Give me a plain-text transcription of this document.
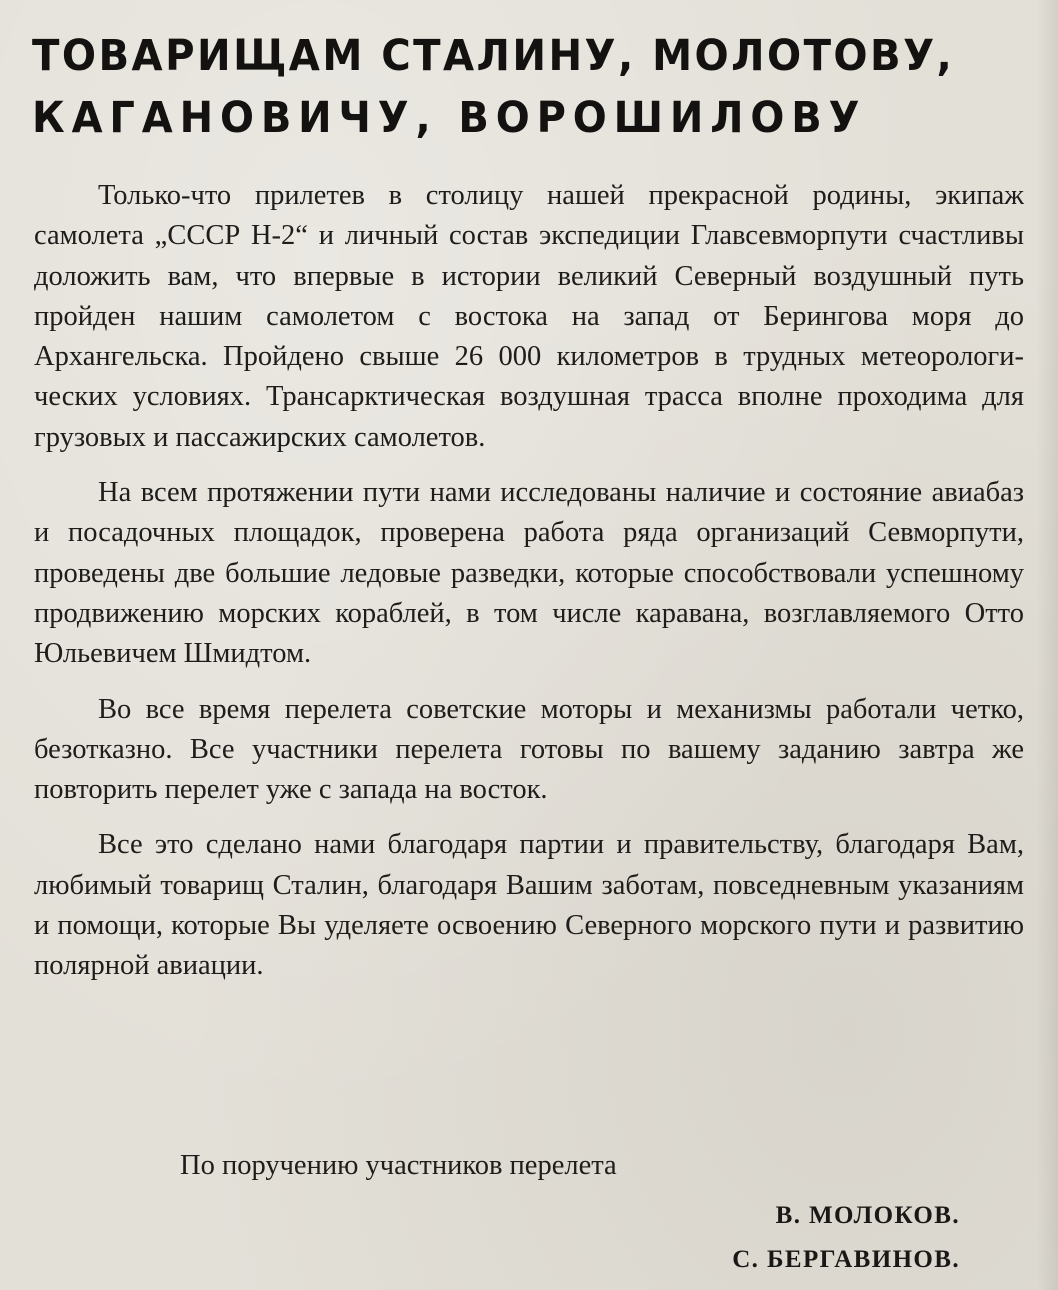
ТОВАРИЩАМ СТАЛИНУ, МОЛОТОВУ,
КАГАНОВИЧУ, ВОРОШИЛОВУ

Только-что прилетев в столицу нашей прекрасной родины, экипаж самолета „СССР Н-2“ и личный состав экспедиции Главсевморпути счастливы доложить вам, что впервые в истории великий Северный воздушный путь пройден нашим самолетом с востока на запад от Берингова моря до Архангельска. Пройдено свыше 26 000 километров в трудных метеорологических условиях. Трансарктическая воздушная трасса вполне проходима для грузовых и пассажирских самолетов.

На всем протяжении пути нами исследованы наличие и состояние авиабаз и посадочных площадок, проверена работа ряда организаций Севморпути, проведены две большие ледовые разведки, которые способствовали успешному продвижению морских кораблей, в том числе каравана, возглавляемого Отто Юльевичем Шмидтом.

Во все время перелета советские моторы и механизмы работали четко, безотказно. Все участники перелета готовы по вашему заданию завтра же повторить перелет уже с запада на восток.

Все это сделано нами благодаря партии и правительству, благодаря Вам, любимый товарищ Сталин, благодаря Вашим заботам, повседневным указаниям и помощи, которые Вы уделяете освоению Северного морского пути и развитию полярной авиации.

По поручению участников перелета
В. МОЛОКОВ.
С. БЕРГАВИНОВ.
